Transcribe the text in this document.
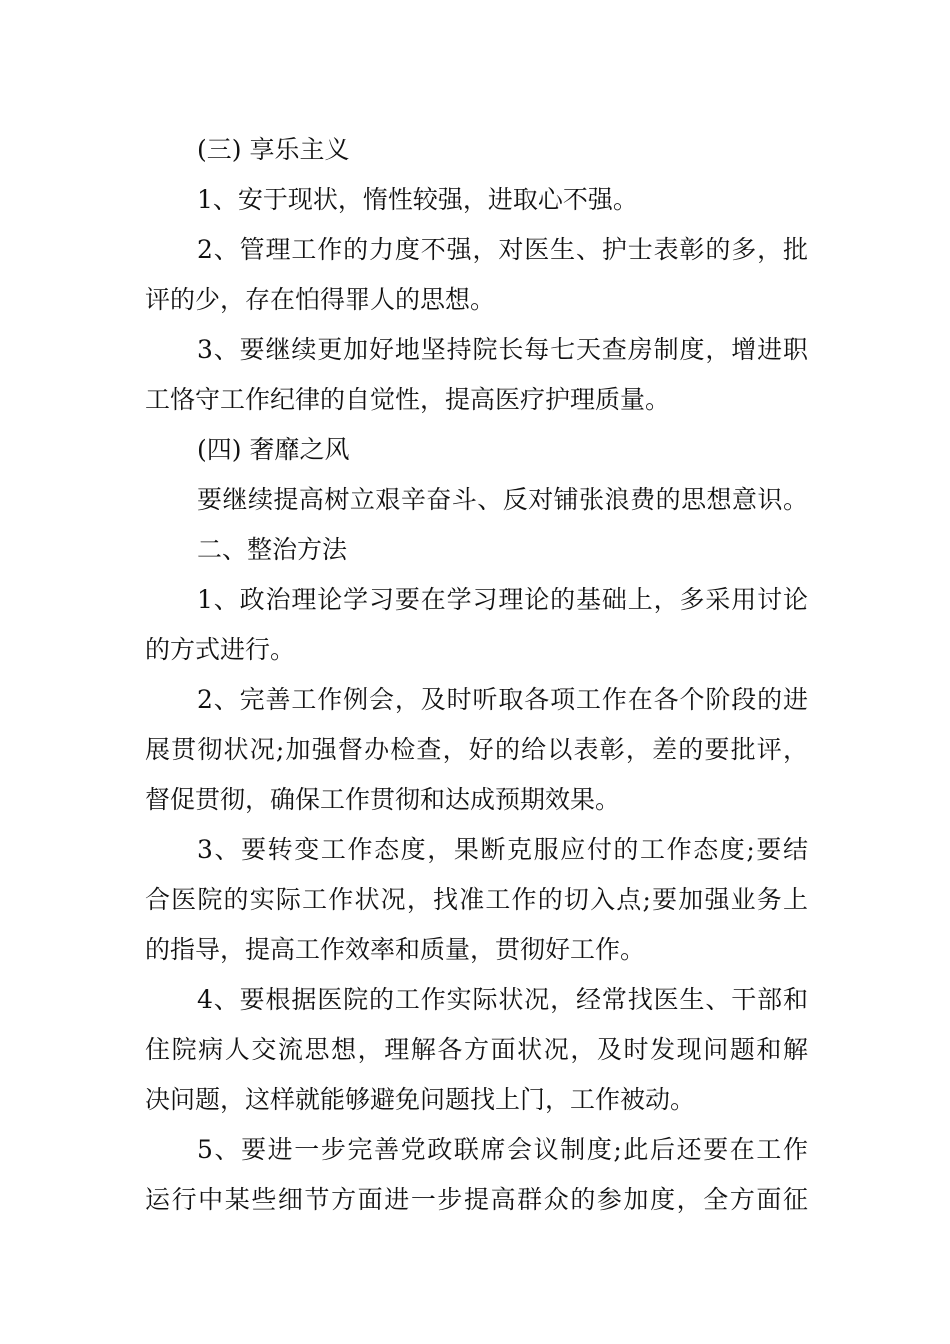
(三) 享乐主义
1、安于现状，惰性较强，进取心不强。
2、管理工作的力度不强，对医生、护士表彰的多，批
评的少，存在怕得罪人的思想。
3、要继续更加好地坚持院长每七天查房制度，增进职
工恪守工作纪律的自觉性，提高医疗护理质量。
(四) 奢靡之风
要继续提高树立艰辛奋斗、反对铺张浪费的思想意识。
二、整治方法
1、政治理论学习要在学习理论的基础上，多采用讨论
的方式进行。
2、完善工作例会，及时听取各项工作在各个阶段的进
展贯彻状况;加强督办检查，好的给以表彰，差的要批评，
督促贯彻，确保工作贯彻和达成预期效果。
3、要转变工作态度，果断克服应付的工作态度;要结
合医院的实际工作状况，找准工作的切入点;要加强业务上
的指导，提高工作效率和质量，贯彻好工作。
4、要根据医院的工作实际状况，经常找医生、干部和
住院病人交流思想，理解各方面状况，及时发现问题和解
决问题，这样就能够避免问题找上门，工作被动。
5、要进一步完善党政联席会议制度;此后还要在工作
运行中某些细节方面进一步提高群众的参加度，全方面征
